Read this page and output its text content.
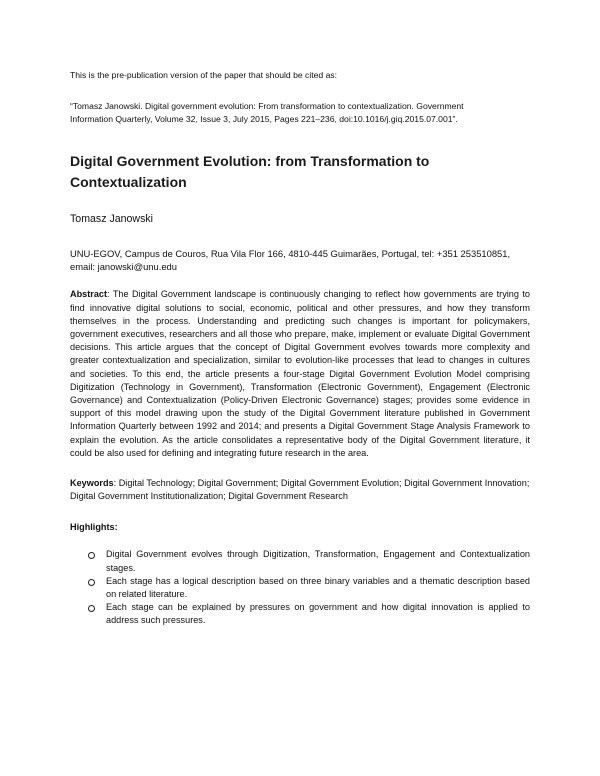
This is the pre-publication version of the paper that should be cited as:

“Tomasz Janowski. Digital government evolution: From transformation to contextualization. Government Information Quarterly, Volume 32, Issue 3, July 2015, Pages 221–236, doi:10.1016/j.giq.2015.07.001”.

Digital Government Evolution: from Transformation to Contextualization

Tomasz Janowski

UNU-EGOV, Campus de Couros, Rua Vila Flor 166, 4810-445 Guimarães, Portugal, tel: +351 253510851, email: janowski@unu.edu

Abstract: The Digital Government landscape is continuously changing to reflect how governments are trying to find innovative digital solutions to social, economic, political and other pressures, and how they transform themselves in the process. Understanding and predicting such changes is important for policymakers, government executives, researchers and all those who prepare, make, implement or evaluate Digital Government decisions. This article argues that the concept of Digital Government evolves towards more complexity and greater contextualization and specialization, similar to evolution-like processes that lead to changes in cultures and societies. To this end, the article presents a four-stage Digital Government Evolution Model comprising Digitization (Technology in Government), Transformation (Electronic Government), Engagement (Electronic Governance) and Contextualization (Policy-Driven Electronic Governance) stages; provides some evidence in support of this model drawing upon the study of the Digital Government literature published in Government Information Quarterly between 1992 and 2014; and presents a Digital Government Stage Analysis Framework to explain the evolution. As the article consolidates a representative body of the Digital Government literature, it could be also used for defining and integrating future research in the area.

Keywords: Digital Technology; Digital Government; Digital Government Evolution; Digital Government Innovation; Digital Government Institutionalization; Digital Government Research

Highlights:

Digital Government evolves through Digitization, Transformation, Engagement and Contextualization stages.
Each stage has a logical description based on three binary variables and a thematic description based on related literature.
Each stage can be explained by pressures on government and how digital innovation is applied to address such pressures.
